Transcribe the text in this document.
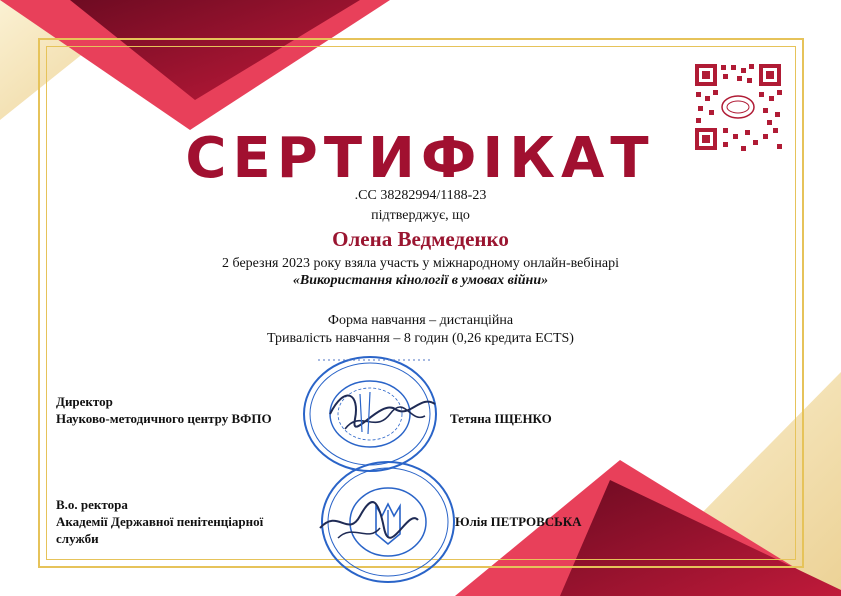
СЕРТИФІКАТ
.СС 38282994/1188-23
підтверджує, що
Олена Ведмеденко
2 березня 2023 року взяла участь у міжнародному онлайн-вебінарі
«Використання кінології в умовах війни»
Форма навчання – дистанційна
Тривалість навчання – 8 годин (0,26 кредита ECTS)
Директор
Науково-методичного центру ВФПО	Тетяна ІЩЕНКО
В.о. ректора
Академії Державної пенітенціарної
служби
Юлія ПЕТРОВСЬКА
